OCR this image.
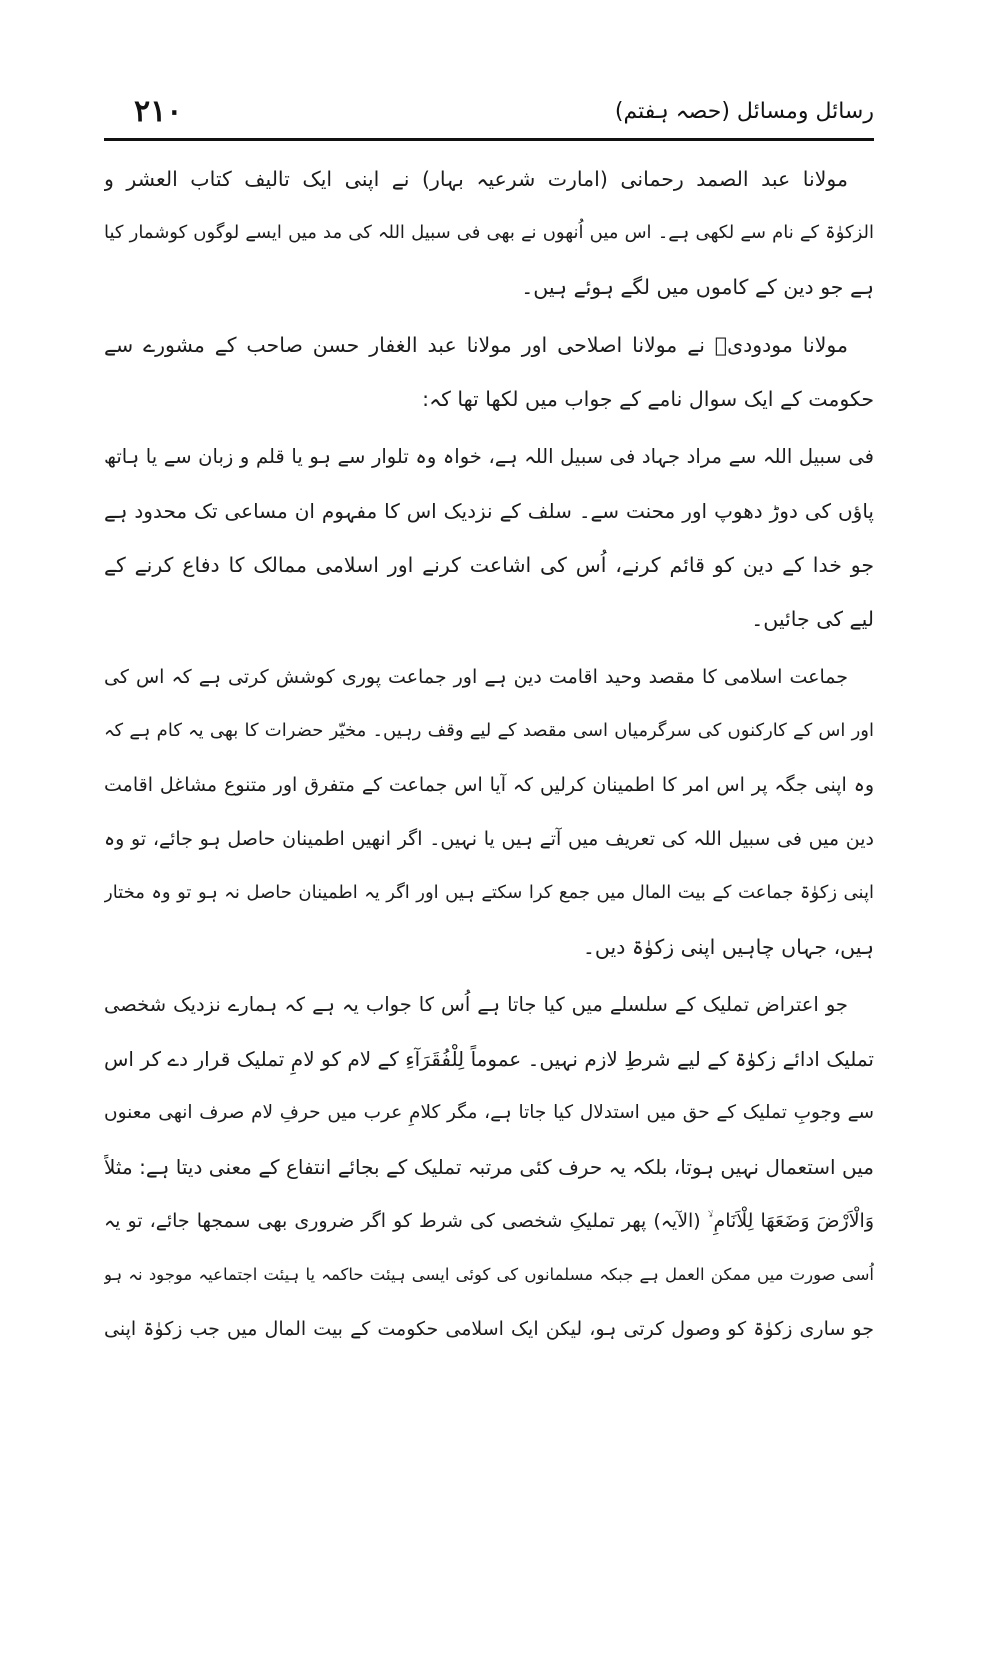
۲۱۰	رسائل ومسائل (حصہ ہفتم)
مولانا عبد الصمد رحمانی (امارت شرعیہ بہار) نے اپنی ایک تالیف کتاب العشر و
الزکوٰۃ کے نام سے لکھی ہے۔ اس میں اُنھوں نے بھی فی سبیل اللہ کی مد میں ایسے لوگوں کوشمار کیا
ہے جو دین کے کاموں میں لگے ہوئے ہیں۔
مولانا مودودیؒ نے مولانا اصلاحی اور مولانا عبد الغفار حسن صاحب کے مشورے سے
حکومت کے ایک سوال نامے کے جواب میں لکھا تھا کہ:
فی سبیل اللہ سے مراد جہاد فی سبیل اللہ ہے، خواہ وہ تلوار سے ہو یا قلم و زبان سے یا ہاتھ
پاؤں کی دوڑ دھوپ اور محنت سے۔ سلف کے نزدیک اس کا مفہوم ان مساعی تک محدود ہے
جو خدا کے دین کو قائم کرنے، اُس کی اشاعت کرنے اور اسلامی ممالک کا دفاع کرنے کے
لیے کی جائیں۔
جماعت اسلامی کا مقصد وحید اقامت دین ہے اور جماعت پوری کوشش کرتی ہے کہ اس کی
اور اس کے کارکنوں کی سرگرمیاں اسی مقصد کے لیے وقف رہیں۔ مخیّر حضرات کا بھی یہ کام ہے کہ
وہ اپنی جگہ پر اس امر کا اطمینان کرلیں کہ آیا اس جماعت کے متفرق اور متنوع مشاغل اقامت
دین میں فی سبیل اللہ کی تعریف میں آتے ہیں یا نہیں۔ اگر انھیں اطمینان حاصل ہو جائے، تو وہ
اپنی زکوٰۃ جماعت کے بیت المال میں جمع کرا سکتے ہیں اور اگر یہ اطمینان حاصل نہ ہو تو وہ مختار
ہیں، جہاں چاہیں اپنی زکوٰۃ دیں۔
جو اعتراض تملیک کے سلسلے میں کیا جاتا ہے اُس کا جواب یہ ہے کہ ہمارے نزدیک شخصی
تملیک ادائے زکوٰۃ کے لیے شرطِ لازم نہیں۔ عموماً لِلْفُقَرَآءِ کے لام کو لامِ تملیک قرار دے کر اس
سے وجوبِ تملیک کے حق میں استدلال کیا جاتا ہے، مگر کلامِ عرب میں حرفِ لام صرف انھی معنوں
میں استعمال نہیں ہوتا، بلکہ یہ حرف کئی مرتبہ تملیک کے بجائے انتفاع کے معنی دیتا ہے: مثلاً
وَالْاَرْضَ وَضَعَهَا لِلْاَنَامِ ۙ (الآیہ) پھر تملیکِ شخصی کی شرط کو اگر ضروری بھی سمجھا جائے، تو یہ
اُسی صورت میں ممکن العمل ہے جبکہ مسلمانوں کی کوئی ایسی ہیئت حاکمہ یا ہیئت اجتماعیہ موجود نہ ہو
جو ساری زکوٰۃ کو وصول کرتی ہو، لیکن ایک اسلامی حکومت کے بیت المال میں جب زکوٰۃ اپنی
